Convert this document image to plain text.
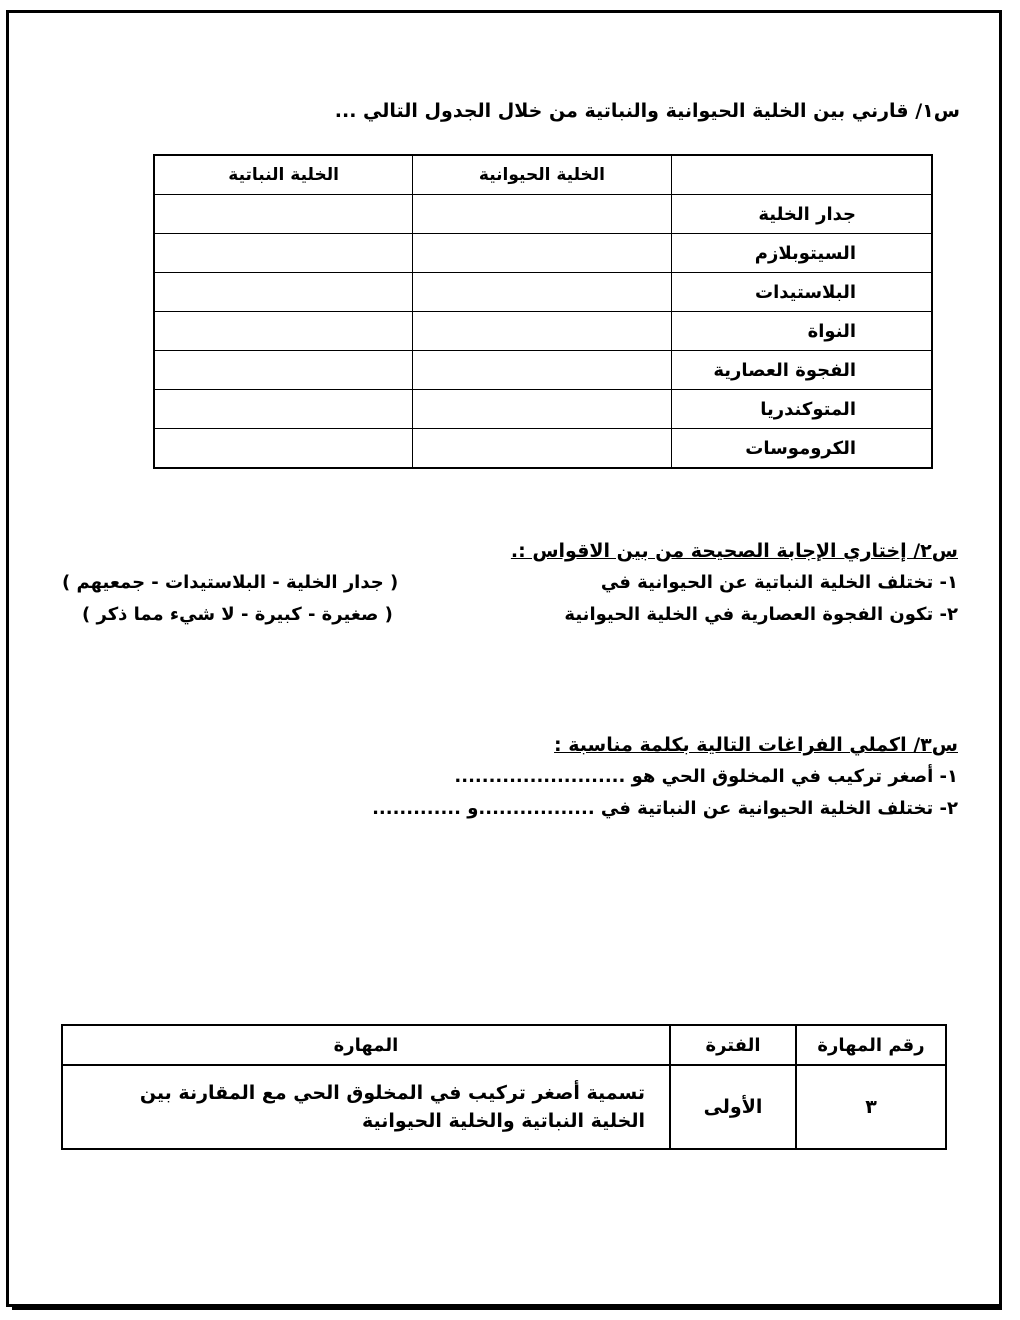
س١/ قارني بين الخلية الحيوانية والنباتية من خلال الجدول التالي ...
	الخلية الحيوانية	الخلية النباتية
جدار الخلية		
السيتوبلازم		
البلاستيدات		
النواة		
الفجوة العصارية		
المتوكندريا		
الكروموسات		
س٢/ إختاري الإجابة الصحيحة من بين الاقواس :.
١- تختلف الخلية النباتية عن الحيوانية في
( جدار الخلية - البلاستيدات - جمعيهم )
٢- تكون الفجوة العصارية في الخلية الحيوانية
( صغيرة - كبيرة - لا شيء مما ذكر )
س٣/ اكملي الفراغات التالية بكلمة مناسبة :
١- أصغر تركيب في المخلوق الحي هو .........................
٢- تختلف الخلية الحيوانية عن النباتية في .................و .............
رقم المهارة	الفترة	المهارة
٣	الأولى	تسمية أصغر تركيب في المخلوق الحي مع المقارنة بين الخلية النباتية والخلية الحيوانية
